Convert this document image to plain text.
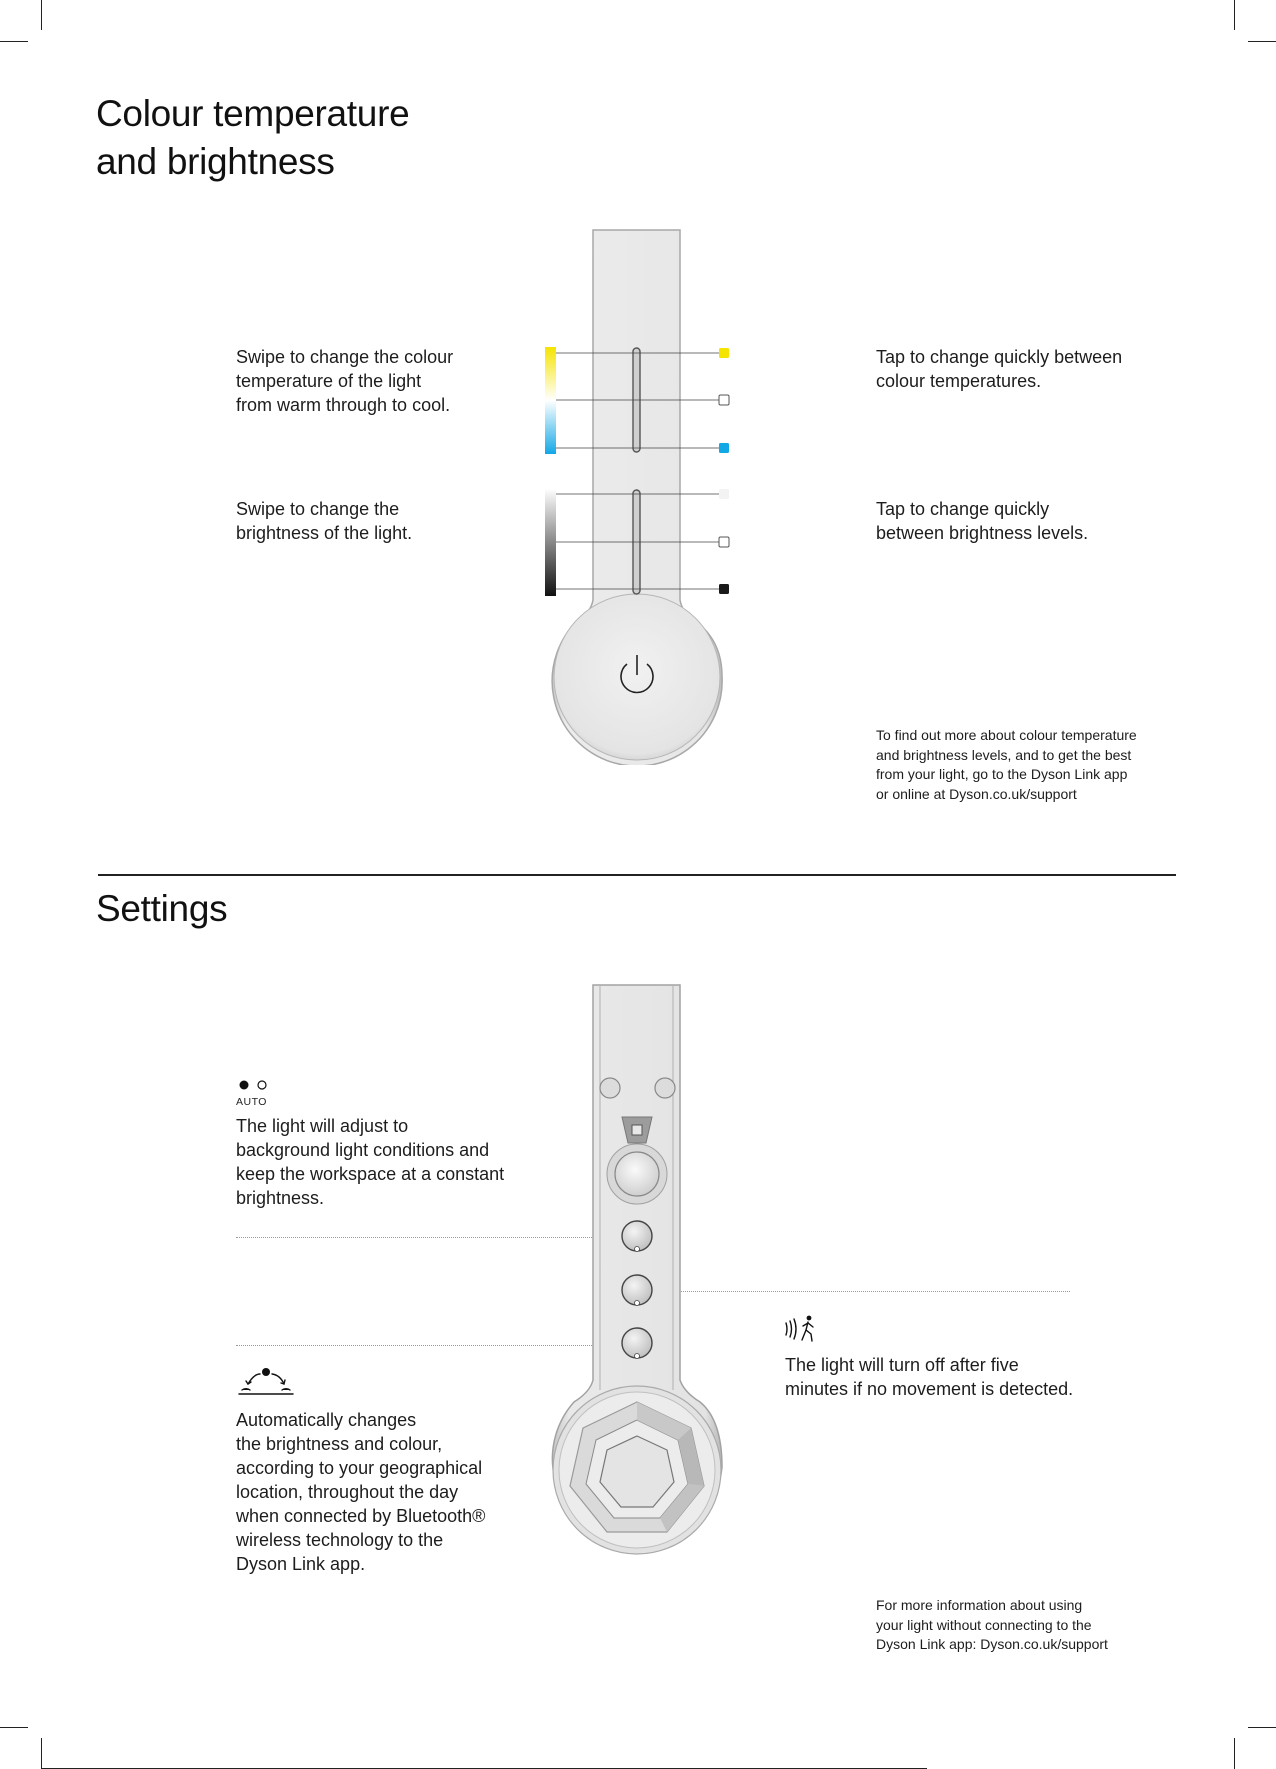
Colour temperature
and brightness
Swipe to change the colour
temperature of the light
from warm through to cool.
Swipe to change the
brightness of the light.
Tap to change quickly between
colour temperatures.
Tap to change quickly
between brightness levels.
To find out more about colour temperature
and brightness levels, and to get the best
from your light, go to the Dyson Link app
or online at Dyson.co.uk/support
Settings
AUTO
The light will adjust to
background light conditions and
keep the workspace at a constant
brightness.
The light will turn off after five
minutes if no movement is detected.
Automatically changes
the brightness and colour,
according to your geographical
location, throughout the day
when connected by Bluetooth®
wireless technology to the
Dyson Link app.
For more information about using
your light without connecting to the
Dyson Link app: Dyson.co.uk/support
